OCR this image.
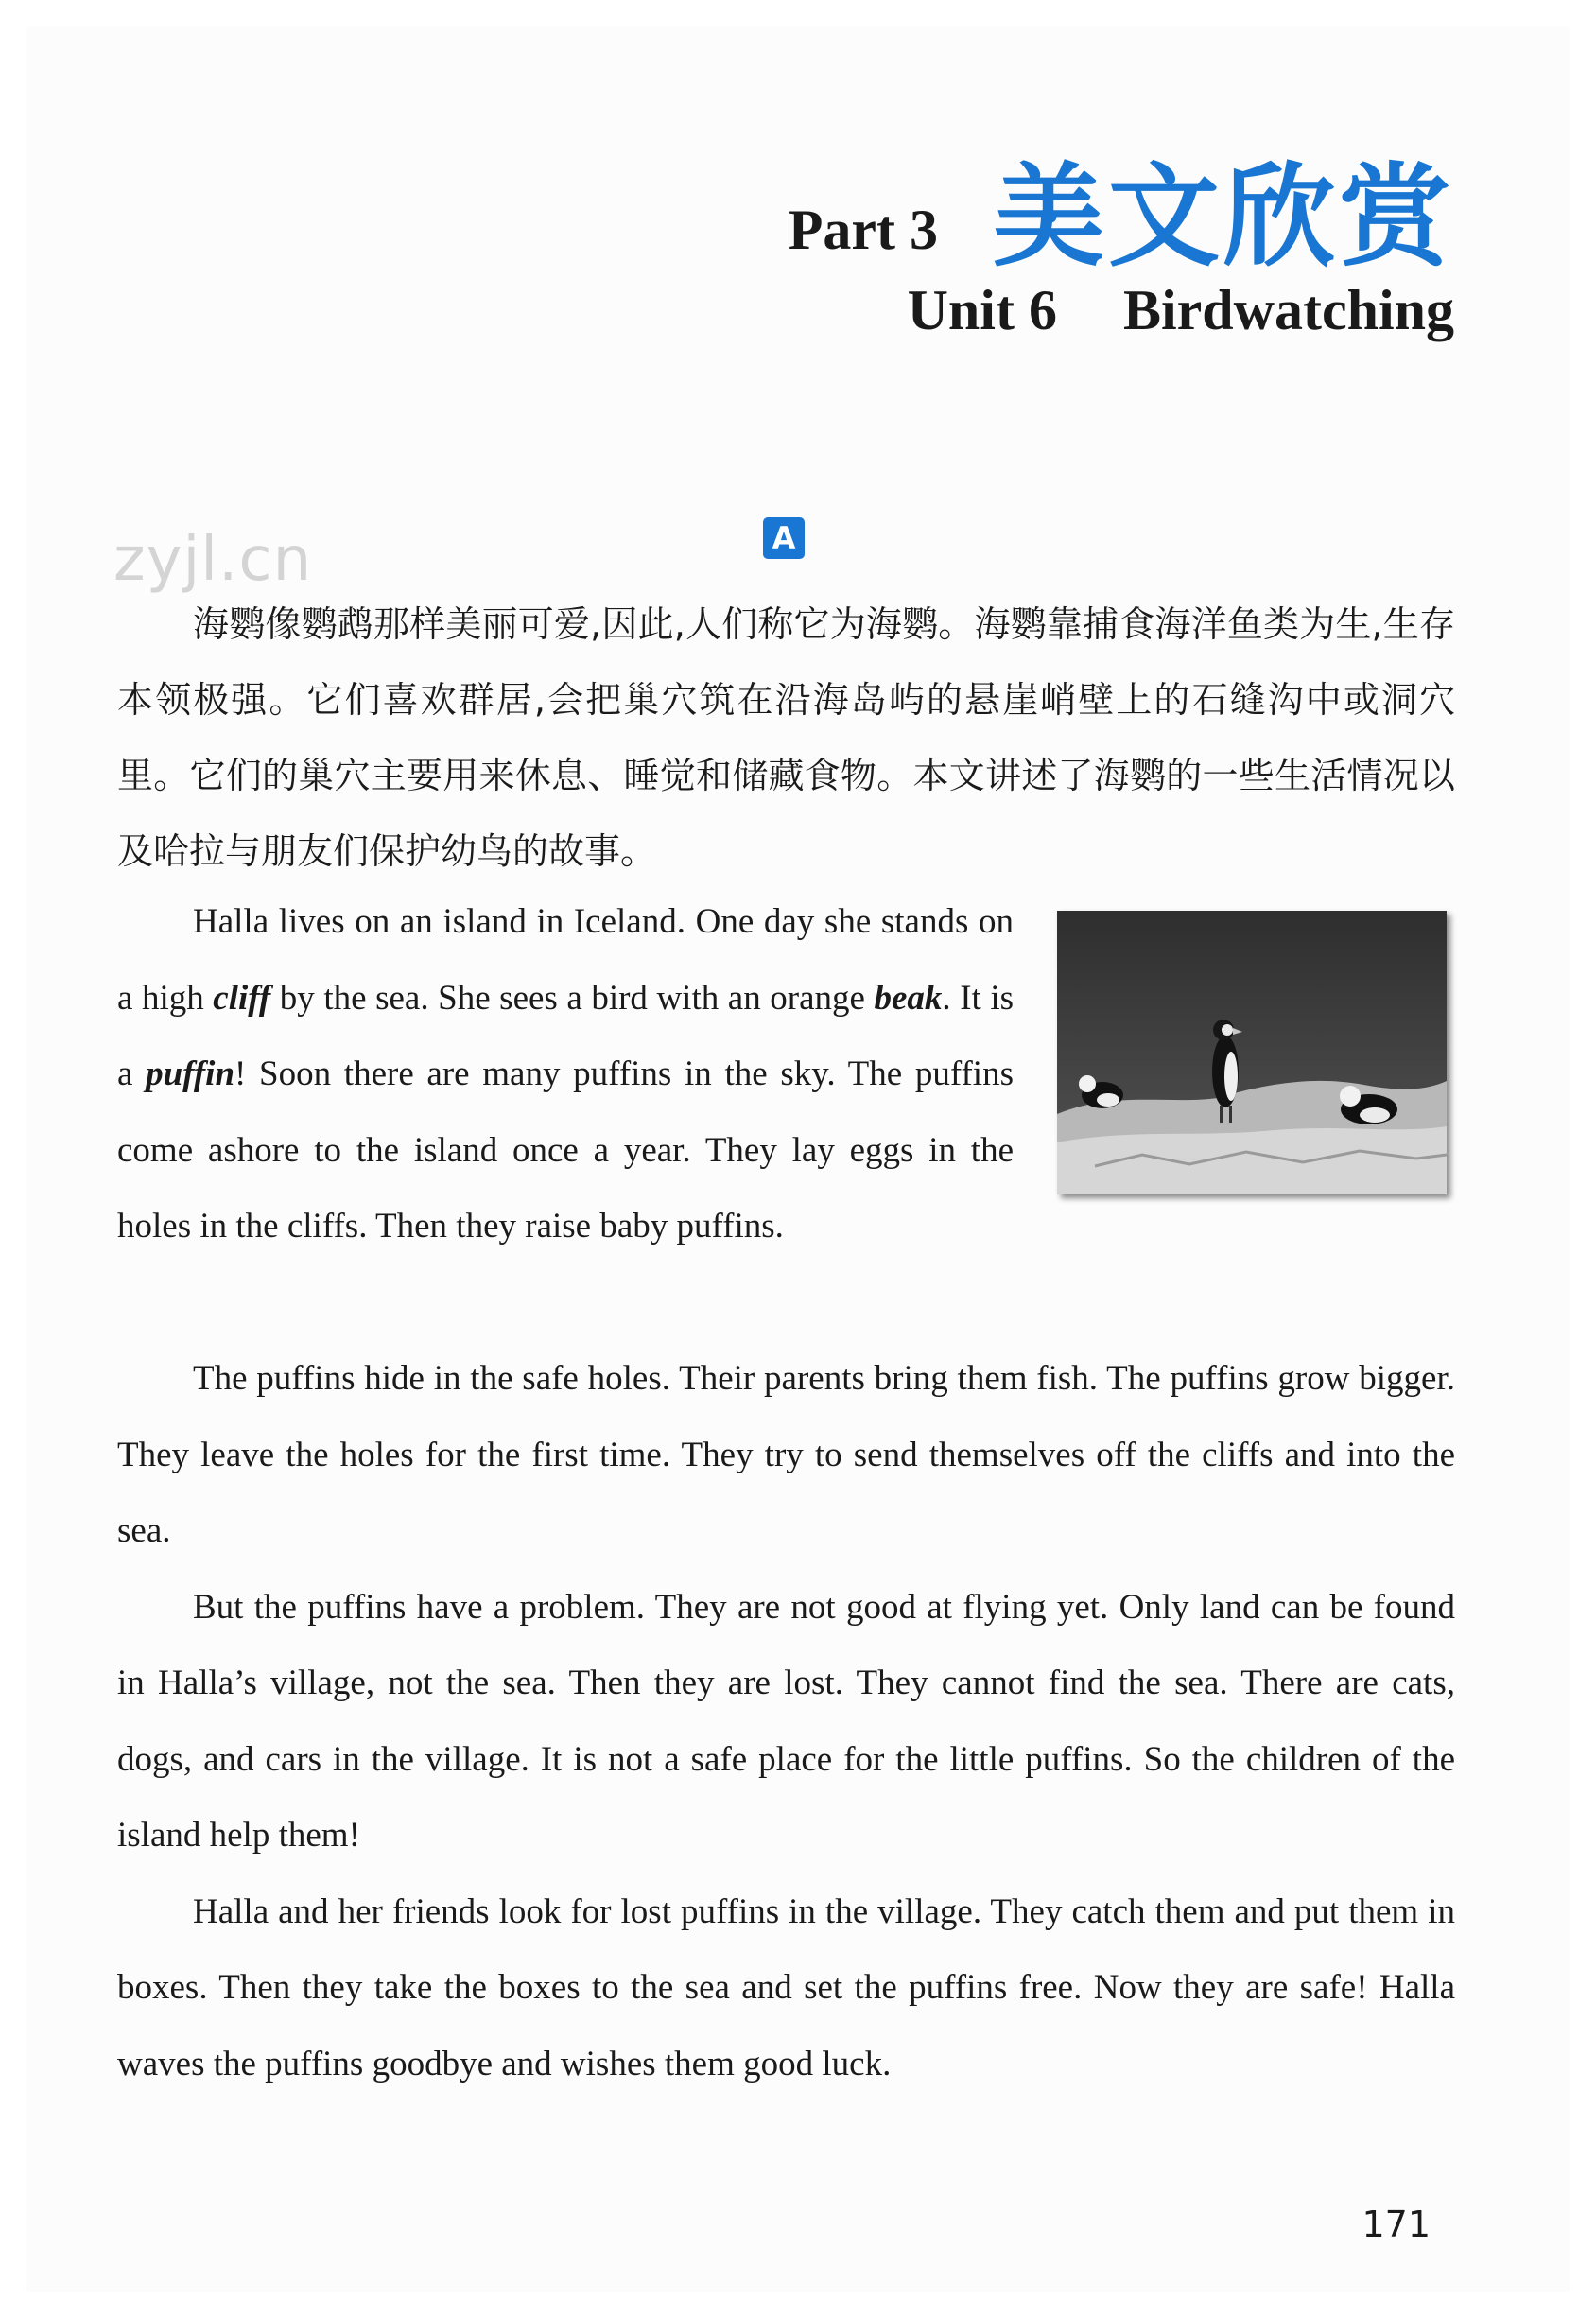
Part 3 美文欣赏
Unit 6 Birdwatching
zyjl.cn	A
海鹦像鹦鹉那样美丽可爱,因此,人们称它为海鹦。海鹦靠捕食海洋鱼类为生,生存本领极强。它们喜欢群居,会把巢穴筑在沿海岛屿的悬崖峭壁上的石缝沟中或洞穴里。它们的巢穴主要用来休息、睡觉和储藏食物。本文讲述了海鹦的一些生活情况以及哈拉与朋友们保护幼鸟的故事。

Halla lives on an island in Iceland. One day she stands on a high cliff by the sea. She sees a bird with an orange beak. It is a puffin! Soon there are many puffins in the sky. The puffins come ashore to the island once a year. They lay eggs in the holes in the cliffs. Then they raise baby puffins.

The puffins hide in the safe holes. Their parents bring them fish. The puffins grow bigger. They leave the holes for the first time. They try to send themselves off the cliffs and into the sea.

But the puffins have a problem. They are not good at flying yet. Only land can be found in Halla’s village, not the sea. Then they are lost. They cannot find the sea. There are cats, dogs, and cars in the village. It is not a safe place for the little puffins. So the children of the island help them!

Halla and her friends look for lost puffins in the village. They catch them and put them in boxes. Then they take the boxes to the sea and set the puffins free. Now they are safe! Halla waves the puffins goodbye and wishes them good luck.

171
